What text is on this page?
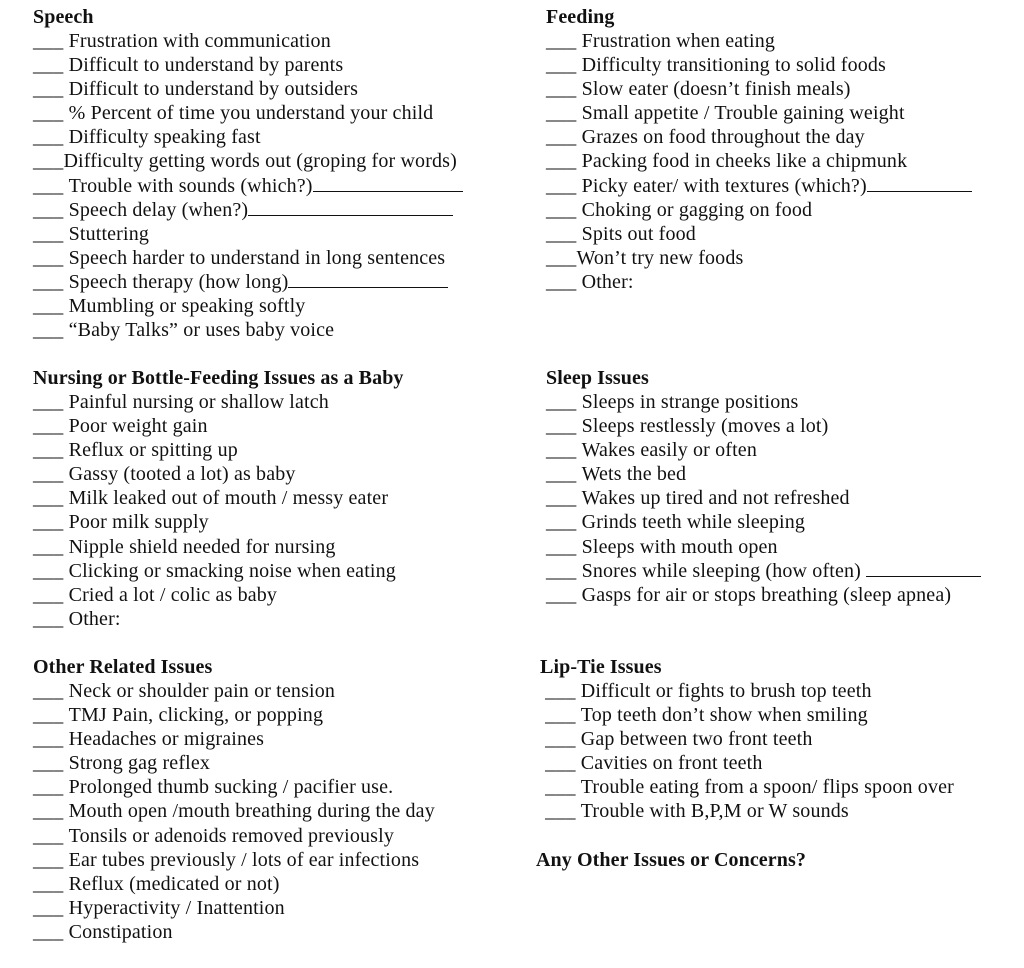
Speech
___ Frustration with communication
___ Difficult to understand by parents
___ Difficult to understand by outsiders
___ % Percent of time you understand your child
___ Difficulty speaking fast
___Difficulty getting words out (groping for words)
___ Trouble with sounds (which?)
___ Speech delay (when?)
___ Stuttering
___ Speech harder to understand in long sentences
___ Speech therapy (how long)
___ Mumbling or speaking softly
___ “Baby Talks” or uses baby voice
Feeding
___ Frustration when eating
___ Difficulty transitioning to solid foods
___ Slow eater (doesn’t finish meals)
___ Small appetite / Trouble gaining weight
___ Grazes on food throughout the day
___ Packing food in cheeks like a chipmunk
___ Picky eater/ with textures (which?)
___ Choking or gagging on food
___ Spits out food
___Won’t try new foods
___ Other:
Nursing or Bottle-Feeding Issues as a Baby
___ Painful nursing or shallow latch
___ Poor weight gain
___ Reflux or spitting up
___ Gassy (tooted a lot) as baby
___ Milk leaked out of mouth / messy eater
___ Poor milk supply
___ Nipple shield needed for nursing
___ Clicking or smacking noise when eating
___ Cried a lot / colic as baby
___ Other:
Sleep Issues
___ Sleeps in strange positions
___ Sleeps restlessly (moves a lot)
___ Wakes easily or often
___ Wets the bed
___ Wakes up tired and not refreshed
___ Grinds teeth while sleeping
___ Sleeps with mouth open
___ Snores while sleeping (how often)
___ Gasps for air or stops breathing (sleep apnea)
Other Related Issues
___ Neck or shoulder pain or tension
___ TMJ Pain, clicking, or popping
___ Headaches or migraines
___ Strong gag reflex
___ Prolonged thumb sucking / pacifier use.
___ Mouth open /mouth breathing during the day
___ Tonsils or adenoids removed previously
___ Ear tubes previously / lots of ear infections
___ Reflux (medicated or not)
___ Hyperactivity / Inattention
___ Constipation
Lip-Tie Issues
___ Difficult or fights to brush top teeth
___ Top teeth don’t show when smiling
___ Gap between two front teeth
___ Cavities on front teeth
___ Trouble eating from a spoon/ flips spoon over
___ Trouble with B,P,M or W sounds
Any Other Issues or Concerns?
